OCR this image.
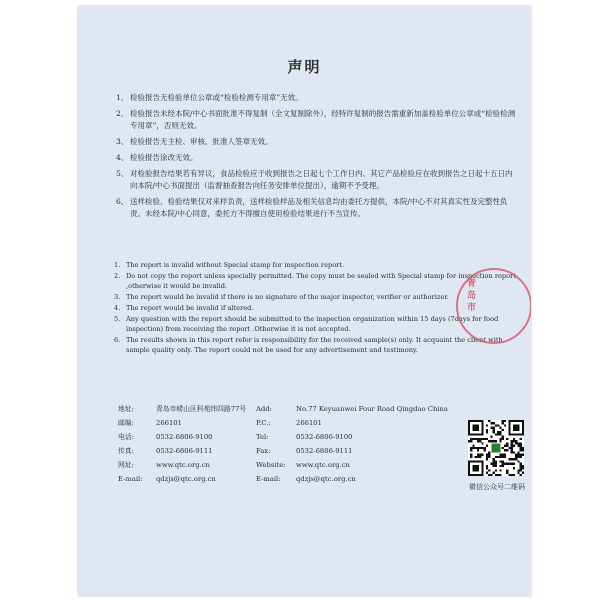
声明
1、 检验报告无检验单位公章或“检验检测专用章”无效。
2、 检验报告未经本院/中心书面批准不得复制（全文复制除外），经特许复制的报告需重新加盖检验单位公章或“检验检测专用章”，否则无效。
3、 检验报告无主检、审核、批准人签章无效。
4、 检验报告涂改无效。
5、 对检验报告结果若有异议，食品检验应于收到报告之日起七个工作日内、其它产品检验应在收到报告之日起十五日内向本院/中心书面提出（监督抽查报告向任务安排单位提出），逾期不予受理。
6、 送样检验、检验结果仅对来样负责，送样检验样品及相关信息均由委托方提供，本院/中心不对其真实性及完整性负责。未经本院/中心同意，委托方不得擅自使用检验结果进行不当宣传。
1. The report is invalid without Special stamp for inspection report.
2. Do not copy the report unless specially permitted. The copy must be sealed with Special stamp for inspection report ,otherwise it would be invalid.
3. The report would be invalid if there is no signature of the major inspector, verifier or authorizer.
4. The report would be invalid if altered.
5. Any question with the report should be submitted to the inspection organization within 15 days (7days for food inspection) from receiving the report .Otherwise it is not accepted.
6. The results shown in this report refer is responsibility for the received sample(s) only. It acquaint the client with sample quality only. The report could not be used for any advertisement and testimony.
青岛市
地址:	青岛市崂山区科苑纬四路77号	Add:	No.77 Keyuanwei Four Road Qingdao China
邮编:	266101	P.C.:	266101
电话:	0532-6806-9100	Tel:	0532-6806-9100
传真:	0532-6806-9111	Fax:	0532-6806-9111
网址:	www.qtc.org.cn	Website:	www.qtc.org.cn
E-mail:	qdzjs@qtc.org.cn	E-mail:	qdzjs@qtc.org.cn
微信公众号二维码
